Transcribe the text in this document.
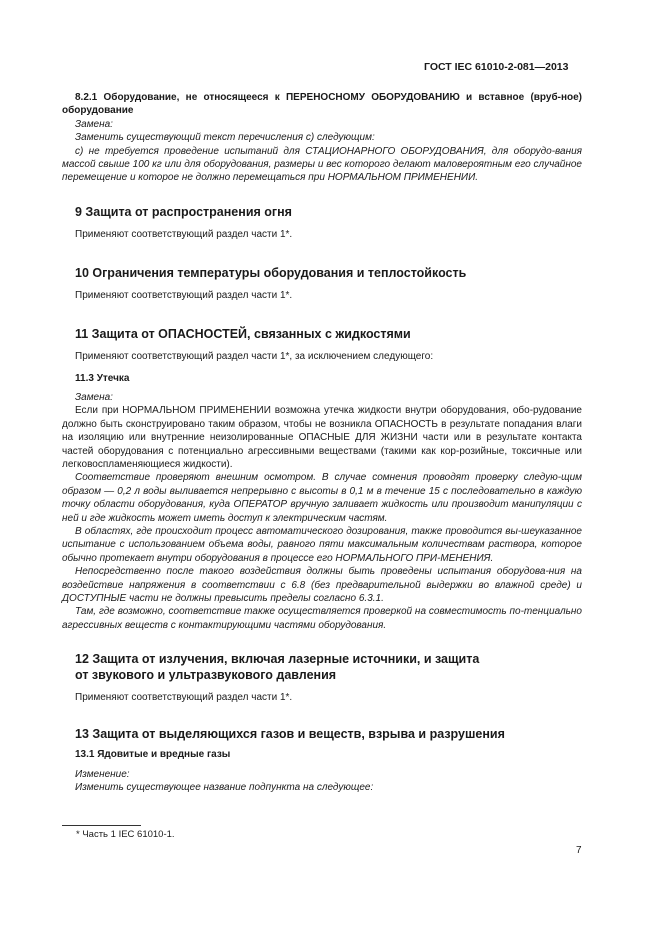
ГОСТ IEC 61010-2-081—2013

8.2.1 Оборудование, не относящееся к ПЕРЕНОСНОМУ ОБОРУДОВАНИЮ и вставное (вруб-ное) оборудование

Замена:

Заменить существующий текст перечисления с) следующим:

с) не требуется проведение испытаний для СТАЦИОНАРНОГО ОБОРУДОВАНИЯ, для оборудо-вания массой свыше 100 кг или для оборудования, размеры и вес которого делают маловероятным его случайное перемещение и которое не должно перемещаться при НОРМАЛЬНОМ ПРИМЕНЕНИИ.

9 Защита от распространения огня

Применяют соответствующий раздел части 1*.

10 Ограничения температуры оборудования и теплостойкость

Применяют соответствующий раздел части 1*.

11 Защита от ОПАСНОСТЕЙ, связанных с жидкостями

Применяют соответствующий раздел части 1*, за исключением следующего:

11.3 Утечка

Замена:

Если при НОРМАЛЬНОМ ПРИМЕНЕНИИ возможна утечка жидкости внутри оборудования, обо-рудование должно быть сконструировано таким образом, чтобы не возникла ОПАСНОСТЬ в результате попадания влаги на изоляцию или внутренние неизолированные ОПАСНЫЕ ДЛЯ ЖИЗНИ части или в результате контакта частей оборудования с потенциально агрессивными веществами (такими как кор-розийные, токсичные или легковоспламеняющиеся жидкости).

Соответствие проверяют внешним осмотром. В случае сомнения проводят проверку следую-щим образом — 0,2 л воды выливается непрерывно с высоты в 0,1 м в течение 15 с последовательно в каждую точку области оборудования, куда ОПЕРАТОР вручную заливает жидкость или производит манипуляции с ней и где жидкость может иметь доступ к электрическим частям.

В областях, где происходит процесс автоматического дозирования, также проводится вы-шеуказанное испытание с использованием объема воды, равного пяти максимальным количествам раствора, которое обычно протекает внутри оборудования в процессе его НОРМАЛЬНОГО ПРИ-МЕНЕНИЯ.

Непосредственно после такого воздействия должны быть проведены испытания оборудова-ния на воздействие напряжения в соответствии с 6.8 (без предварительной выдержки во влажной среде) и ДОСТУПНЫЕ части не должны превысить пределы согласно 6.3.1.

Там, где возможно, соответствие также осуществляется проверкой на совместимость по-тенциально агрессивных веществ с контактирующими частями оборудования.

12 Защита от излучения, включая лазерные источники, и защита
от звукового и ультразвукового давления

Применяют соответствующий раздел части 1*.

13 Защита от выделяющихся газов и веществ, взрыва и разрушения

13.1 Ядовитые и вредные газы

Изменение:

Изменить существующее название подпункта на следующее:

* Часть 1 IEC 61010-1.
7
